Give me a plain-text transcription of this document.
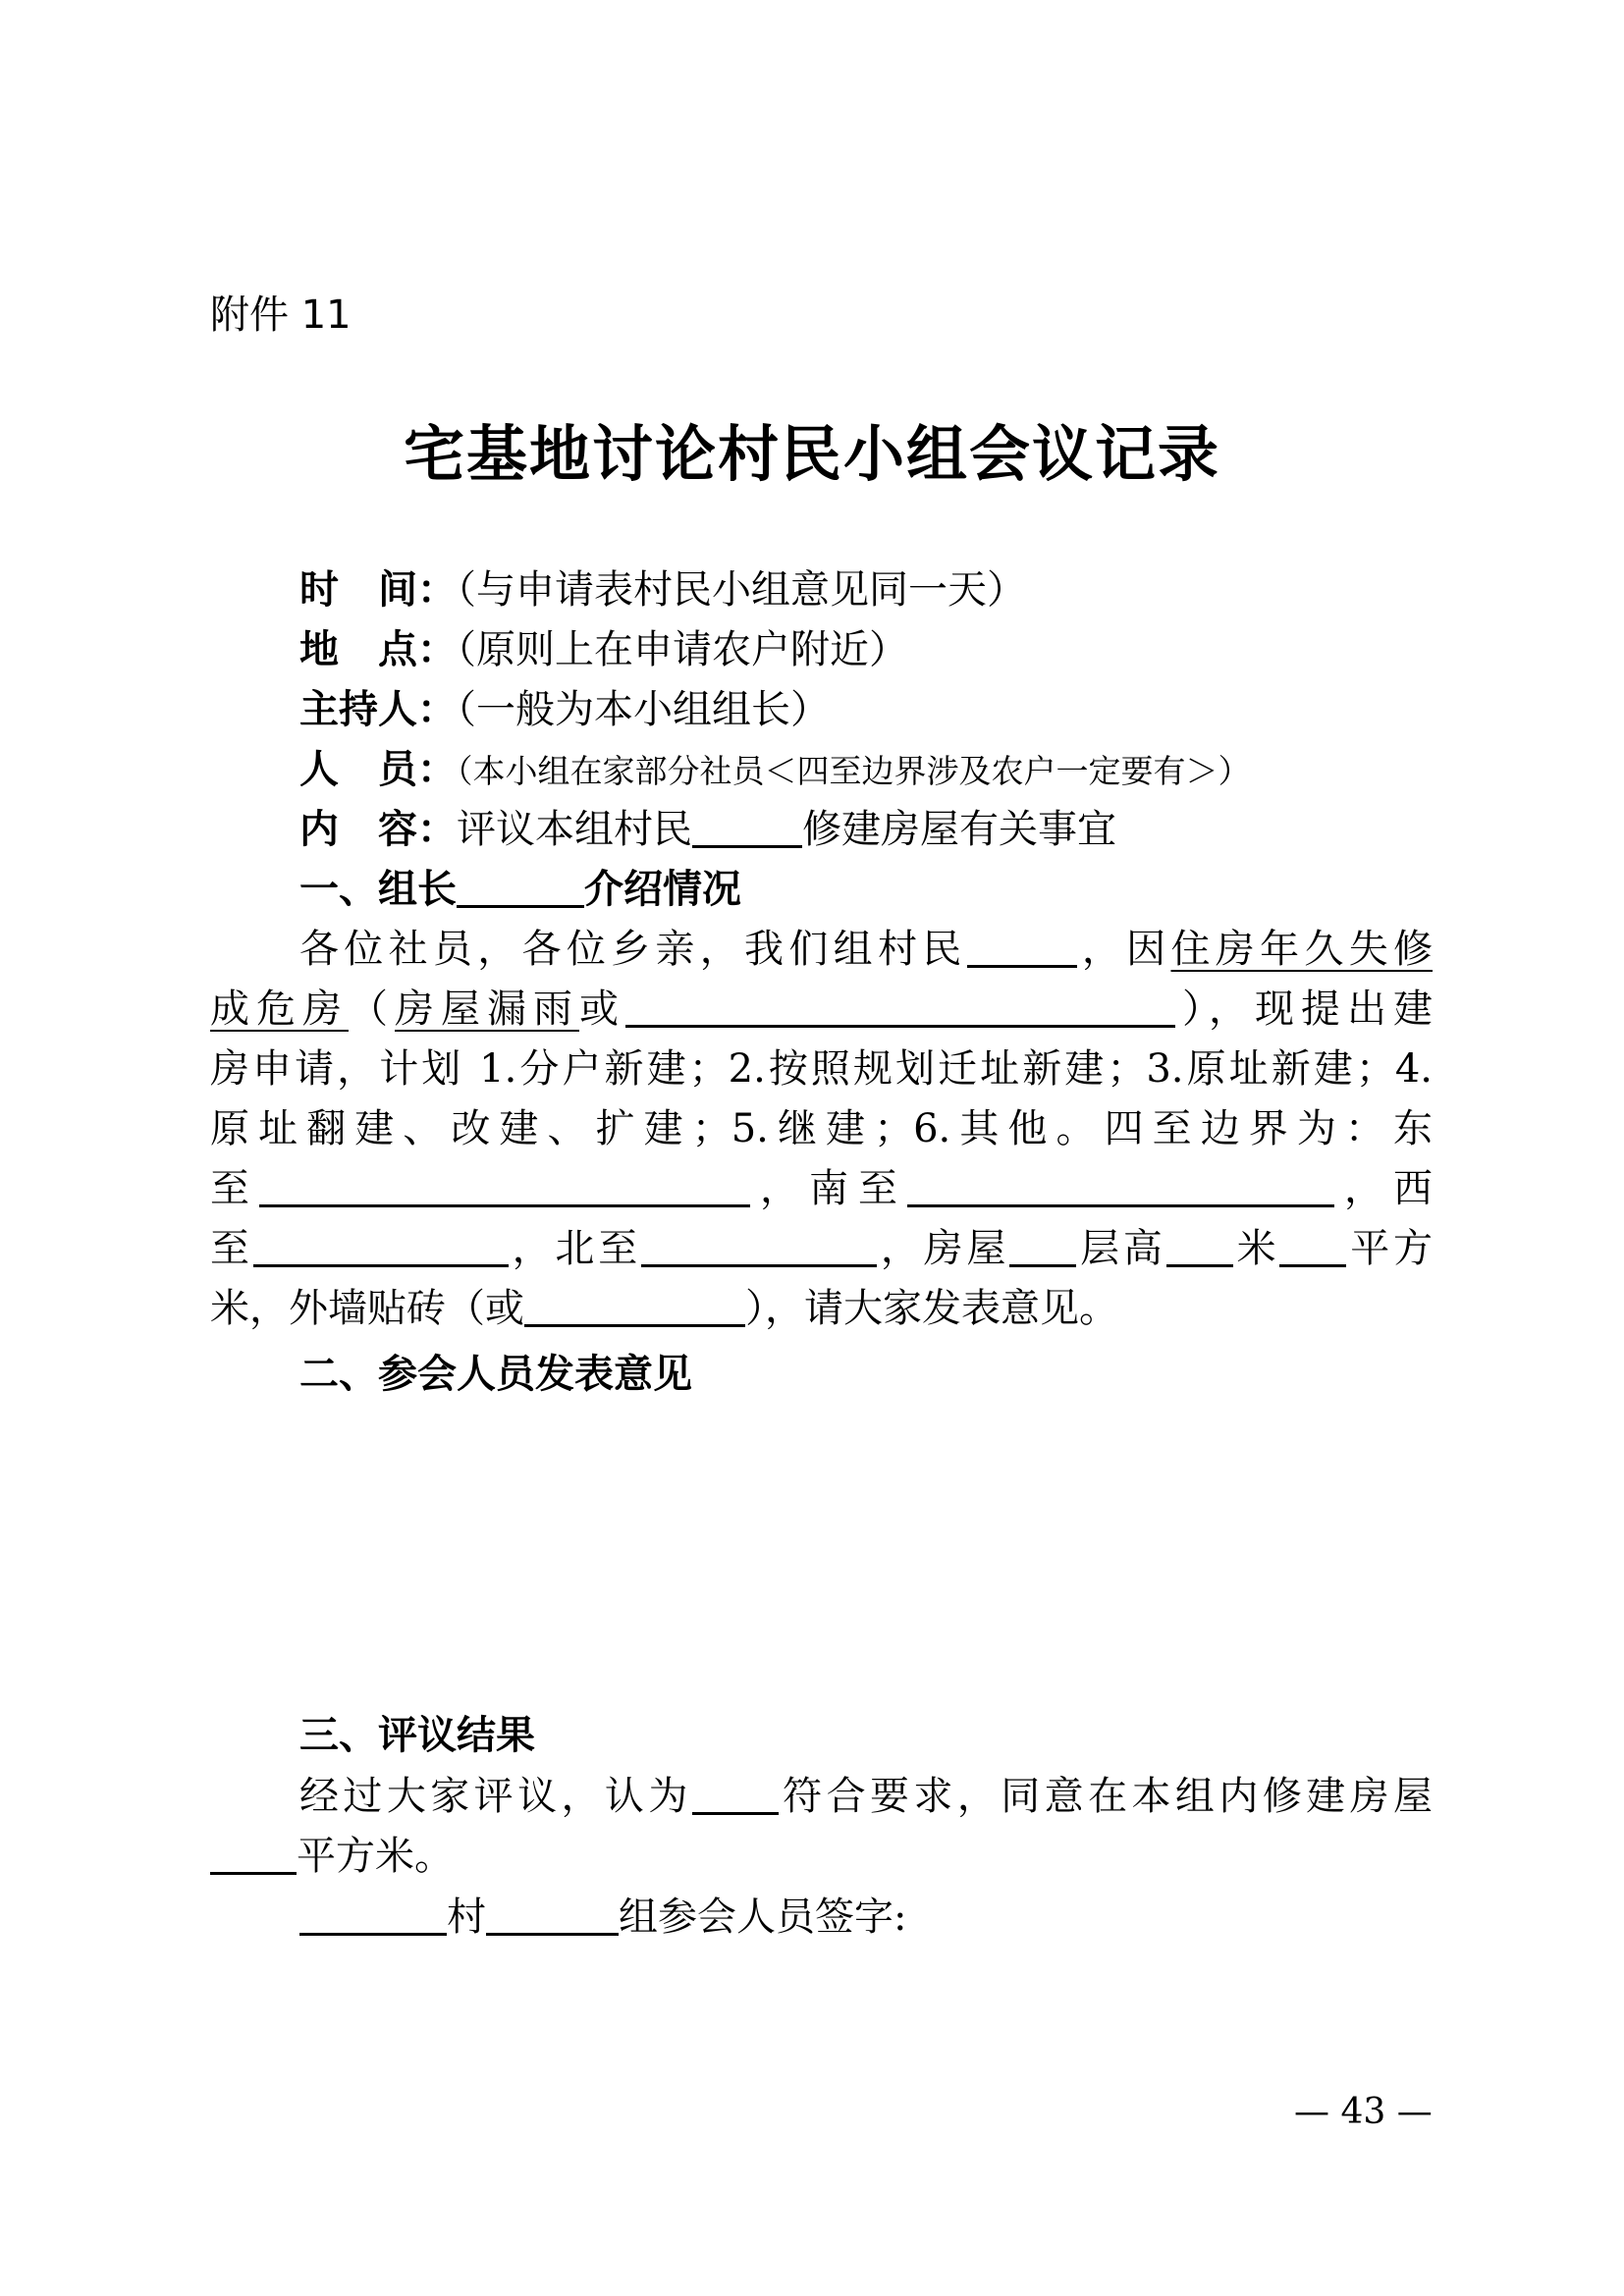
附件 11
宅基地讨论村民小组会议记录
时　间：（与申请表村民小组意见同一天）
地　点：（原则上在申请农户附近）
主持人：（一般为本小组组长）
人　员：（本小组在家部分社员＜四至边界涉及农户一定要有＞）
内　容：评议本组村民	修建房屋有关事宜
一、组长	介绍情况
各位社员，各位乡亲，我们组村民	，因住房年久失修
成危房（房屋漏雨或	），现提出建
房申请，计划 1.分户新建；2.按照规划迁址新建；3.原址新建；4.
原址翻建、改建、扩建；5.继建；6.其他。四至边界为：东
至	，南至	，西
至	，北至	，房屋 层高 米 平方
米，外墙贴砖（或	），请大家发表意见。
二、参会人员发表意见
三、评议结果
经过大家评议，认为 符合要求，同意在本组内修建房屋
平方米。
村	组参会人员签字:
— 43 —
